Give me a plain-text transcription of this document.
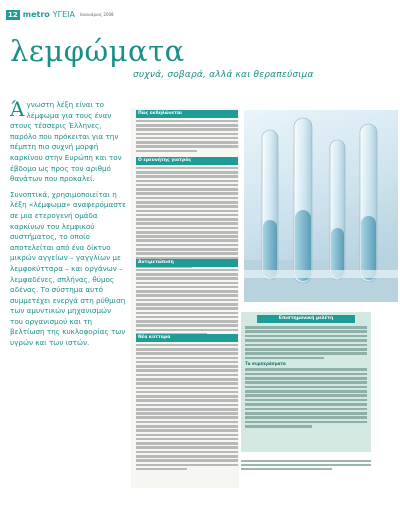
12 metro ΥΓΕΙΑ Ιανουάριος 2008
λεμφώματα
συχνά, σοβαρά, αλλά και θεραπεύσιμα

Άγνωστη λέξη είναι το λέμφωμα για τους έναν στους τέσσερις Έλληνες, παρόλο που πρόκειται για την πέμπτη πιο συχνή μορφή καρκίνου στην Ευρώπη και τον έβδομο ως προς τον αριθμό θανάτων που προκαλεί.

Συνοπτικά, χρησιμοποιείται η λέξη «λέμφωμα» αναφερόμαστε σε μια ετερογενή ομάδα καρκίνων του λεμφικού συστήματος, το οποίο αποτελείται από ένα δίκτυο μικρών αγγείων – γαγγλίων με λεμφοκύτταρα – και οργάνων – λεμφαδένες, σπλήνας, θύμος αδένας. Το σύστημα αυτό συμμετέχει ενεργά στη ρύθμιση των αμυντικών μηχανισμών του οργανισμού και τη βελτίωση της κυκλοφορίας των υγρών και των ιστών.

Πώς εκδηλώνεται
Ο ερευνήτης γιατρός
Αντιμετώπιση
Νέα κύτταρα
Επιστημονική μελέτη
Τα συμπεράσματα
